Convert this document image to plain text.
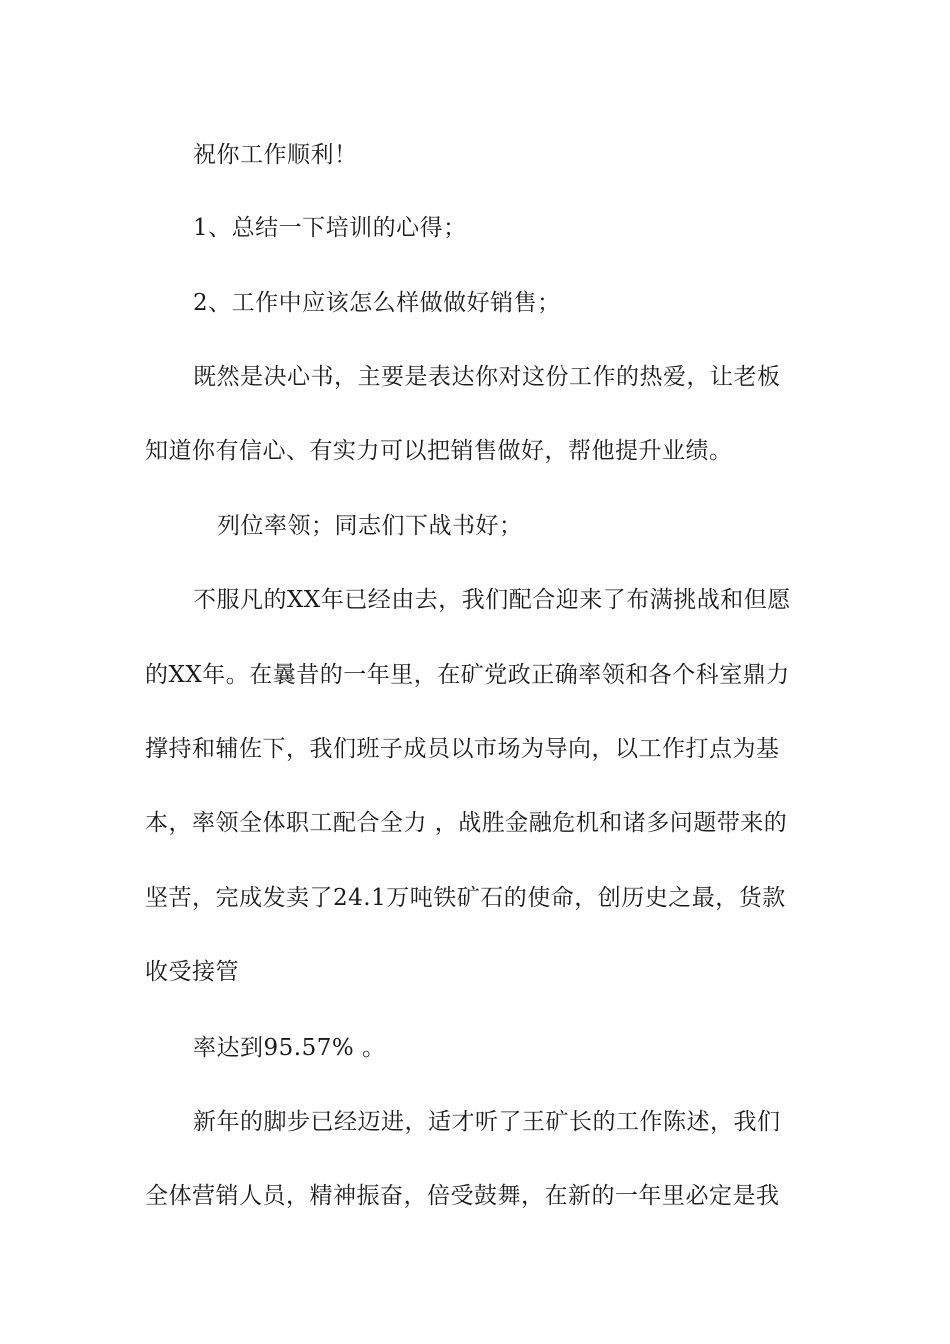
祝你工作顺利！
1、总结一下培训的心得；
2、工作中应该怎么样做做好销售；
既然是决心书，主要是表达你对这份工作的热爱，让老板
知道你有信心、有实力可以把销售做好，帮他提升业绩。
列位率领；同志们下战书好；
不服凡的XX年已经由去，我们配合迎来了布满挑战和但愿
的XX年。在曩昔的一年里，在矿党政正确率领和各个科室鼎力
撑持和辅佐下，我们班子成员以市场为导向，以工作打点为基
本，率领全体职工配合全力 ，战胜金融危机和诸多问题带来的
坚苦，完成发卖了24.1万吨铁矿石的使命，创历史之最，货款
收受接管
率达到95.57% 。
新年的脚步已经迈进，适才听了王矿长的工作陈述，我们
全体营销人员，精神振奋，倍受鼓舞，在新的一年里必定是我
